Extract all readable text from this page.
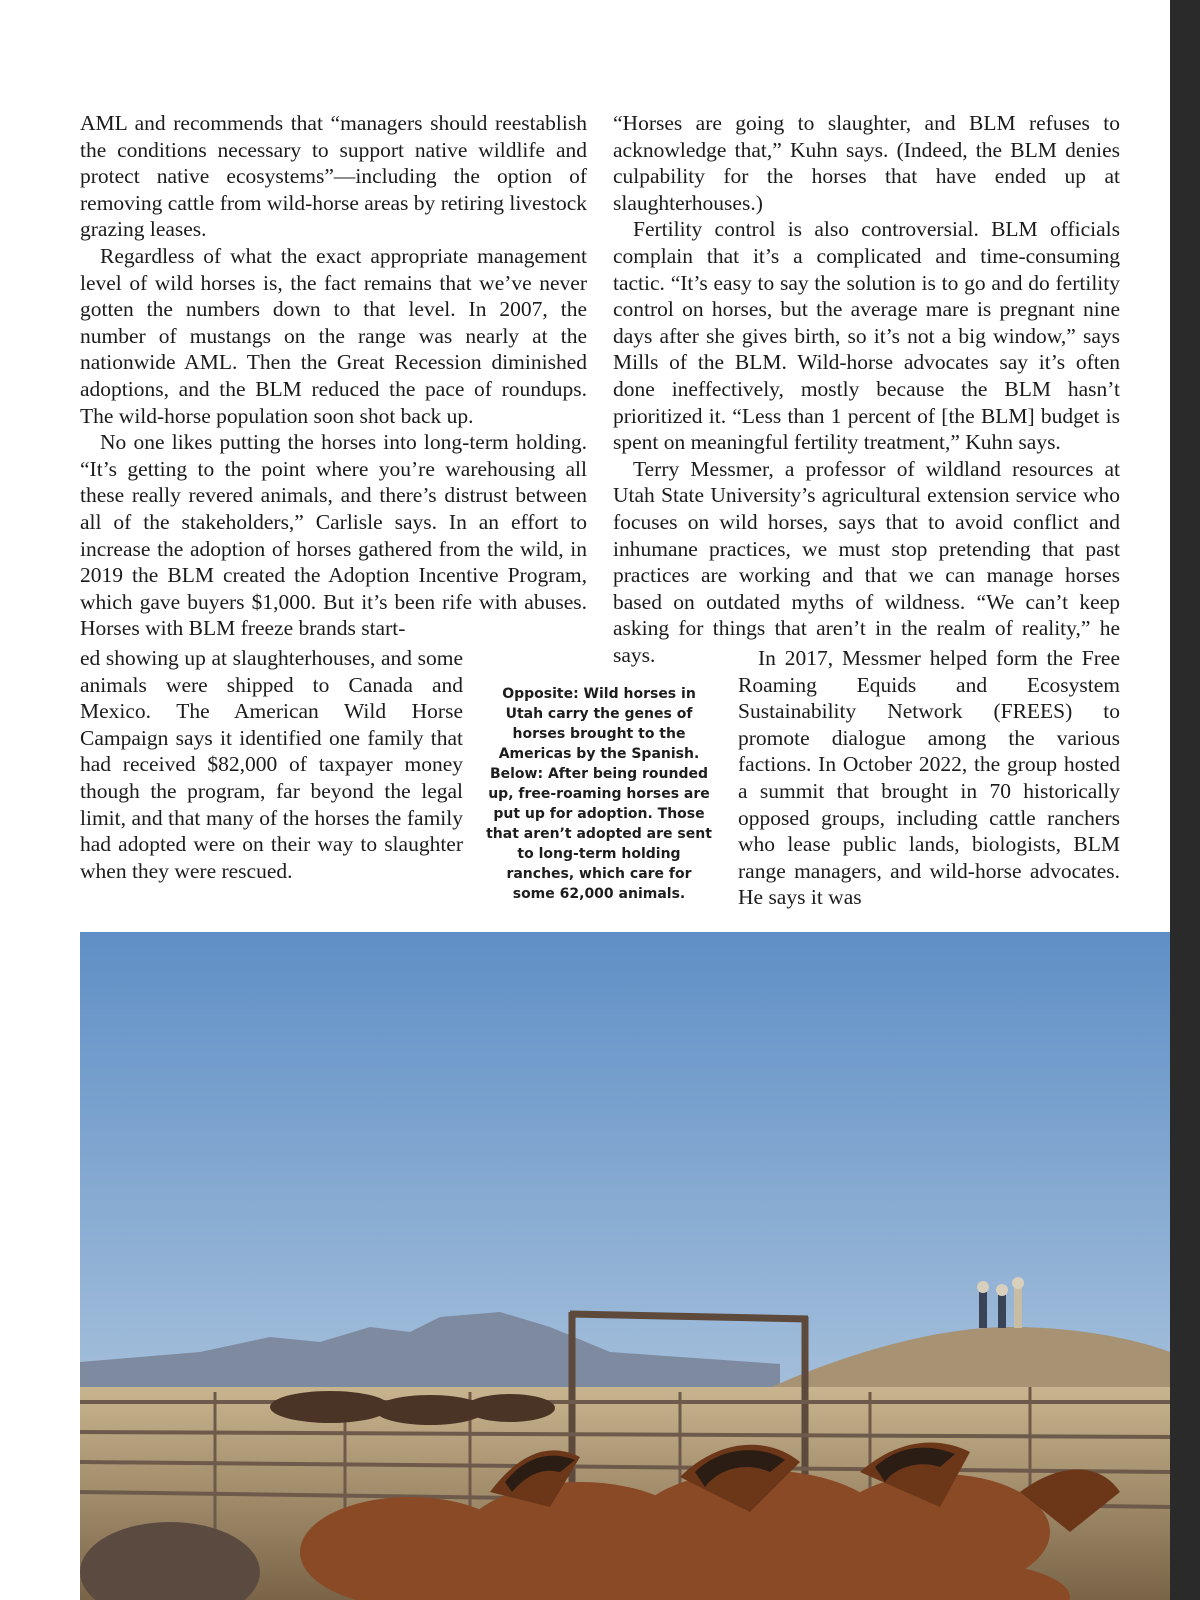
AML and recommends that “managers should reestablish the conditions necessary to support native wildlife and protect native ecosystems”—including the option of removing cattle from wild-horse areas by retiring livestock grazing leases.

Regardless of what the exact appropriate management level of wild horses is, the fact remains that we’ve never gotten the numbers down to that level. In 2007, the number of mustangs on the range was nearly at the nationwide AML. Then the Great Recession diminished adoptions, and the BLM reduced the pace of roundups. The wild-horse population soon shot back up.

No one likes putting the horses into long-term holding. “It’s getting to the point where you’re warehousing all these really revered animals, and there’s distrust between all of the stakeholders,” Carlisle says. In an effort to increase the adoption of horses gathered from the wild, in 2019 the BLM created the Adoption Incentive Program, which gave buyers $1,000. But it’s been rife with abuses. Horses with BLM freeze brands start-

ed showing up at slaughterhouses, and some animals were shipped to Canada and Mexico. The American Wild Horse Campaign says it identified one family that had received $82,000 of taxpayer money though the program, far beyond the legal limit, and that many of the horses the family had adopted were on their way to slaughter when they were rescued.

“Horses are going to slaughter, and BLM refuses to acknowledge that,” Kuhn says. (Indeed, the BLM denies culpability for the horses that have ended up at slaughterhouses.)

Fertility control is also controversial. BLM officials complain that it’s a complicated and time-consuming tactic. “It’s easy to say the solution is to go and do fertility control on horses, but the average mare is pregnant nine days after she gives birth, so it’s not a big window,” says Mills of the BLM. Wild-horse advocates say it’s often done ineffectively, mostly because the BLM hasn’t prioritized it. “Less than 1 percent of [the BLM] budget is spent on meaningful fertility treatment,” Kuhn says.

Terry Messmer, a professor of wildland resources at Utah State University’s agricultural extension service who focuses on wild horses, says that to avoid conflict and inhumane practices, we must stop pretending that past practices are working and that we can manage horses based on outdated myths of wildness. “We can’t keep asking for things that aren’t in the realm of reality,” he says.	In 2017, Messmer helped form the Free Roaming Equids and Ecosystem Sustainability Network (FREES) to promote dialogue among the various factions. In October 2022, the group hosted a summit that brought in 70 historically opposed groups, including cattle ranchers who lease public lands, biologists, BLM range managers, and wild-horse advocates. He says it was

Opposite: Wild horses in Utah carry the genes of horses brought to the Americas by the Spanish. Below: After being rounded up, free-roaming horses are put up for adoption. Those that aren’t adopted are sent to long-term holding ranches, which care for some 62,000 animals.
